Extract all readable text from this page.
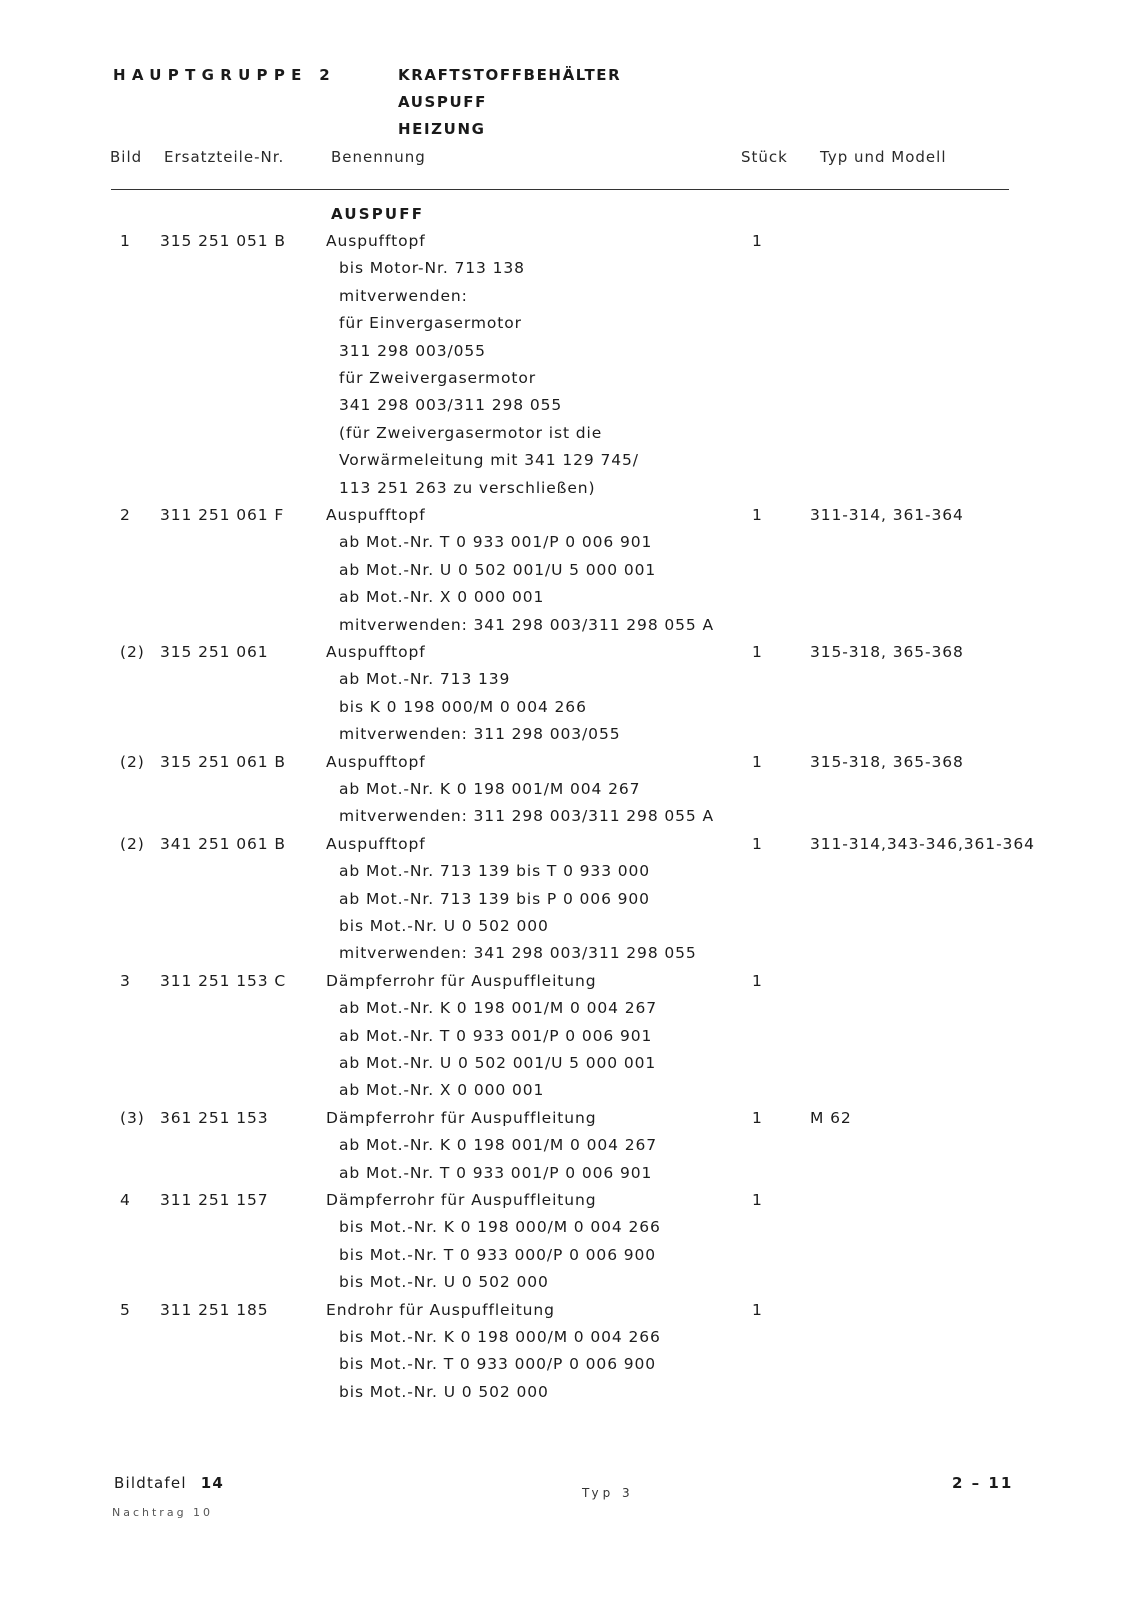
HAUPTGRUPPE 2	KRAFTSTOFFBEHÄLTER
AUSPUFF
HEIZUNG
Bild Ersatzteile-Nr.	Benennung	Stück Typ und Modell
AUSPUFF
1 315 251 051 B	Auspufftopf	1
bis Motor-Nr. 713 138
mitverwenden:
für Einvergasermotor
311 298 003/055
für Zweivergasermotor
341 298 003/311 298 055
(für Zweivergasermotor ist die
Vorwärmeleitung mit 341 129 745/
113 251 263 zu verschließen)
2 311 251 061 F	Auspufftopf	1	311-314, 361-364
ab Mot.-Nr. T 0 933 001/P 0 006 901
ab Mot.-Nr. U 0 502 001/U 5 000 001
ab Mot.-Nr. X 0 000 001
mitverwenden: 341 298 003/311 298 055 A
(2) 315 251 061	Auspufftopf	1	315-318, 365-368
ab Mot.-Nr. 713 139
bis K 0 198 000/M 0 004 266
mitverwenden: 311 298 003/055
(2) 315 251 061 B	Auspufftopf	1	315-318, 365-368
ab Mot.-Nr. K 0 198 001/M 004 267
mitverwenden: 311 298 003/311 298 055 A
(2) 341 251 061 B	Auspufftopf	1	311-314,343-346,361-364
ab Mot.-Nr. 713 139 bis T 0 933 000
ab Mot.-Nr. 713 139 bis P 0 006 900
bis Mot.-Nr. U 0 502 000
mitverwenden: 341 298 003/311 298 055
3 311 251 153 C	Dämpferrohr für Auspuffleitung	1
ab Mot.-Nr. K 0 198 001/M 0 004 267
ab Mot.-Nr. T 0 933 001/P 0 006 901
ab Mot.-Nr. U 0 502 001/U 5 000 001
ab Mot.-Nr. X 0 000 001
(3) 361 251 153	Dämpferrohr für Auspuffleitung	1	M 62
ab Mot.-Nr. K 0 198 001/M 0 004 267
ab Mot.-Nr. T 0 933 001/P 0 006 901
4 311 251 157	Dämpferrohr für Auspuffleitung	1
bis Mot.-Nr. K 0 198 000/M 0 004 266
bis Mot.-Nr. T 0 933 000/P 0 006 900
bis Mot.-Nr. U 0 502 000
5 311 251 185	Endrohr für Auspuffleitung	1
bis Mot.-Nr. K 0 198 000/M 0 004 266
bis Mot.-Nr. T 0 933 000/P 0 006 900
bis Mot.-Nr. U 0 502 000
Bildtafel 14
Nachtrag 10
Typ 3
2 – 11
